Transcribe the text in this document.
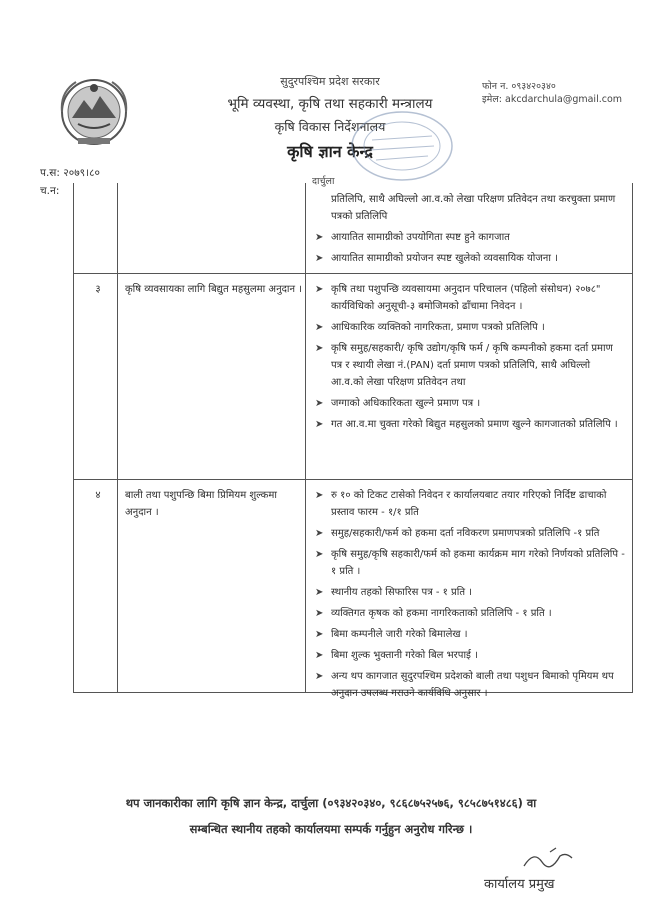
सुदुरपश्चिम प्रदेश सरकार
भूमि व्यवस्था, कृषि तथा सहकारी मन्त्रालय
कृषि विकास निर्देशनालय
कृषि ज्ञान केन्द्र
दार्चुला
फोन न. ०९३४२०३४०
इमेल: akcdarchula@gmail.com
प.स: २०७९।८०
च.न:
प्रतिलिपि, साथै अघिल्लो आ.व.को लेखा परिक्षण प्रतिवेदन तथा करचुक्ता प्रमाण पत्रको प्रतिलिपि
➤ आयातित सामाग्रीको उपयोगिता स्पष्ट हुने कागजात
➤ आयातित सामाग्रीको प्रयोजन स्पष्ट खुलेको व्यवसायिक योजना ।
३	कृषि व्यवसायका लागि बिद्युत महसुलमा अनुदान । ➤ कृषि तथा पशुपन्छि व्यवसायमा अनुदान परिचालन (पहिलो संसोधन) २०७८" कार्यविधिको अनुसूची-३ बमोजिमको ढाँचामा निवेदन ।
➤ आधिकारिक व्यक्तिको नागरिकता, प्रमाण पत्रको प्रतिलिपि ।
➤ कृषि समुह/सहकारी/ कृषि उद्योग/कृषि फर्म / कृषि कम्पनीको हकमा दर्ता प्रमाण पत्र र स्थायी लेखा नं.(PAN) दर्ता प्रमाण पत्रको प्रतिलिपि, साथै अघिल्लो आ.व.को लेखा परिक्षण प्रतिवेदन तथा
➤ जग्गाको अधिकारिकता खुल्ने प्रमाण पत्र ।
➤ गत आ.व.मा चुक्ता गरेको बिद्युत महसुलको प्रमाण खुल्ने कागजातको प्रतिलिपि ।
४	बाली तथा पशुपन्छि बिमा प्रिमियम शुल्कमा अनुदान ।
➤ रु १० को टिकट टासेको निवेदन र कार्यालयबाट तयार गरिएको निर्दिष्ट ढाचाको प्रस्ताव फारम - १/१ प्रति
➤ समुह/सहकारी/फर्म को हकमा दर्ता नविकरण प्रमाणपत्रको प्रतिलिपि -१ प्रति
➤ कृषि समुह/कृषि सहकारी/फर्म को हकमा कार्यक्रम माग गरेको निर्णयको प्रतिलिपि - १ प्रति ।
➤ स्थानीय तहको सिफारिस पत्र - १ प्रति ।
➤ व्यक्तिगत कृषक को हकमा नागरिकताको प्रतिलिपि - १ प्रति ।
➤ बिमा कम्पनीले जारी गरेको बिमालेख ।
➤ बिमा शुल्क भुक्तानी गरेको बिल भरपाई ।
➤ अन्य थप कागजात सुदुरपश्चिम प्रदेशको बाली तथा पशुधन बिमाको पृमियम थप अनुदान उपलब्ध गराउने कार्यविधि अनुसार ।
थप जानकारीका लागि कृषि ज्ञान केन्द्र, दार्चुला (०९३४२०३४०, ९८६८७५२५७६, ९८५८७५१४८६) वा
सम्बन्धित स्थानीय तहको कार्यालयमा सम्पर्क गर्नुहुन अनुरोध गरिन्छ ।
कार्यालय प्रमुख
